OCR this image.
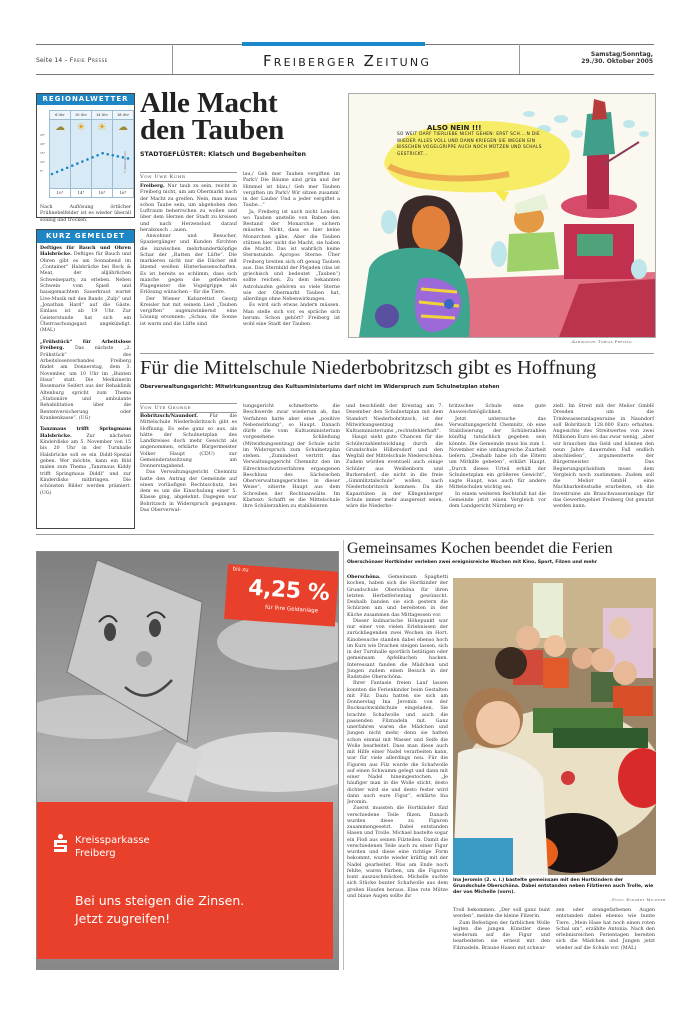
Seite 14 – Freie Presse	Freiberger Zeitung	Samstag/Sonntag,
29./30. Oktober 2005
REGIONALWETTER
25°
20°
15°
10°
5°
6 Uhr
☁
10°
10 Uhr
☀
14°
14 Uhr
☀
18°
18 Uhr
☁
16°
© wetterwelt.com
Nach Auflösung örtlicher Frühnebelfelder ist es wieder überall sonnig und trocken.
KURZ GEMELDET

Deftiges für Bauch und Ohren Halsbrücke. Deftiges für Bauch und Ohren gibt es am Sonnabend im „Container“ Halsbrücke bei Rock & Meat, der alljährlichen Schweineparty, zu erleben. Neben Schwein vom Spieß und hausgemachtem Sauerkraut wartet Live-Musik mit den Bands „Zulp“ und „Jonathan Hard“ auf die Gäste. Einlass ist ab 19 Uhr. Zur Geisterstunde hat sich ein Überraschungsgast angekündigt. (MAL)

„Frühstück“ für Arbeitslose Freiberg. Das nächste „2. Frühstück“ des Arbeitslosenverbandes Freiberg findet am Donnerstag, dem 3. November, um 10 Uhr im „Bunten Haus“ statt. Die Medizinerin Rosemarie Seifert aus der Rehaklinik Altenburg spricht zum Thema „Stationäre und ambulante Rehabilitation über die Rentenversicherung oder Krankenkasse“. (UG)

Tanzmaus trifft Springmaus Halsbrücke.	Zur nächsten Kinderdisko am 5. November von 15 bis 20 Uhr in der Turnhalle Halsbrücke soll es ein Diddl-Spezial geben. Wer möchte, kann ein Bild malen zum Thema „Tanzmaus Kiddy trifft Springmaus Diddl“ und zur Kinderdisko mitbringen. Die schönsten Bilder werden prämiert. (UG)

Alle Macht
den Tauben
STADTGEFLÜSTER: Klatsch und Begebenheiten
Von Uwe Kuhr

Freiberg. Nur taub zu sein, reicht in Freiberg nicht, um am Obermarkt nach der Macht zu greifen. Nein, man muss schon Taube sein, um abgehoben den Luftraum beherrschen zu wollen und über dem Herzen der Stadt zu kreisen und nach Herzenslust darauf herabzusch ...auen.

Anwohner und Besucher, Spaziergänger und Kunden fürchten die inzwischen mehrhundertköpfige Schar der „Ratten der Lüfte“. Die markieren nicht nur die Dächer mit ätzend weißen Hinterlassenschaften. Es ist bereits so schlimm, dass sich manche gegen die gefiederten Plagegeister die Vogelgrippe als Erlösung wünschen – für die Tiere.

Der Wiener Kabarettist Georg Kreisler hat mit seinem Lied „Tauben vergiften“ augenzwinkernd eine Lösung ersonnen: „Schau, die Sonne ist warm und die Lüfte sind

lau,/ Geh mer Tauben vergiften im Park!/ Die Bäume sind grün und der Himmel ist blau,/ Geh mer Tauben vergiften im Park!/ Wir sitzen zusamm' in der Laube/ Und a jeder vergiftet a Taube...“

Ja, Freiberg ist auch nicht London, wo Tauben anstelle von Raben den Bestand der Monarchie sichern müssten. Nicht, dass es hier keine Monarchen gäbe. Aber die Tauben stützen hier nicht die Macht, sie haben die Macht. Das ist wahrlich keine Sternstunde. Apropos Sterne: Über Freiberg breiten sich oft genug Tauben aus. Das Sternbild der Plejaden (das ist griechisch und bedeutet „Tauben“) sollte reichen. Zu dem bekannten Astrohaufen gehören so viele Sterne wie der Obermarkt Tauben hat, allerdings ohne Nebenwirkungen.

Es wird sich etwas ändern müssen. Man stelle sich vor, es spräche sich herum: Schon gehört? Freiberg ist wohl eine Stadt der Tauben.

ALSO NEIN !!!
SO WEIT DARF TIERLIEBE NICHT GEHEN: ERST SCH....N DIE WIEDER ALLES VOLL UND DANN KRIEGEN SIE WEGEN EIN BISSCHEN VOGELGRIPPE AUCH NOCH MÜTZEN UND SCHALS GESTRICKT...
–Karikatur: Tobias Freitag
Für die Mittelschule Niederbobritzsch gibt es Hoffnung
Oberverwaltungsgericht: Mitwirkungsentzug des Kultusministeriums darf nicht im Widerspruch zum Schulnetzplan stehen
Von Ute George

Bobritzsch/Naundorf. Für die Mittelschule Niederbobritzsch gibt es Hoffnung. Es sehe ganz so aus, als hätte der Schulnetzplan des Landkreises doch mehr Gewicht als angenommen, erklärte Bürgermeister Volker Haupt (CDU) zur Gemeinderatssitzung am Donnerstagabend.

Das Verwaltungsgericht Chemnitz hatte den Antrag der Gemeinde auf einen vorläufigen Rechtsschutz, bei dem es um die Einschulung einer 5. Klasse ging, abgelehnt. Dagegen war Bobritzsch in Widerspruch gegangen. Das Oberverwal-

tungsgericht schmetterte die Beschwerde zwar wiederum ab, das Verfahren hatte aber eine „positive Nebenwirkung“, so Haupt. Danach dürfe die vom Kultusministerium vorgesehene Schließung (Mitwirkungsentzug) der Schule nicht im Widerspruch zum Schulnetzplan stehen. „Zumindest vertritt das Verwaltungsgericht Chemnitz den im Eilrechtsschutzverfahren ergangenen Beschluss des Sächsischen Oberverwaltungsgerichtes in dieser Weise“, zitierte Haupt aus dem Schreiben der Rechtsanwälte. Im Klartext: Schafft es die Mittelschule ihre Schülerzahlen zu stabilisieren

und beschließt der Kreistag am 7. Dezember den Schulnetzplan mit dem Standort Niederbobritzsch, ist der Mitwirkungsentzug des Kultusministeriums „rechtsfehlerhaft“.

Haupt sieht gute Chancen für die Schülerzahlentwicklung durch die Grundschule Hilbersdorf und den Wegfall der Mittelschule Niederschöna. Zudem würden eventuell auch einige Schüler aus Weißenborn und Burkersdorf, die nicht in die freie „Gimmlitztalschule“ wollen, nach Niederbobritzsch kommen. Da die Kapazitäten in der Klingenberger Schule immer mehr ausgereizt seien, wäre die Niederbo-

britzscher Schule eine gute Ausweichmöglichkeit.

Jetzt untersuche das Verwaltungsgericht Chemnitz, ob eine Stabilisierung der Schülerzahlen künftig tatsächlich gegeben sein könnte. Die Gemeinde muss bis zum 1. November eine umfangreiche Zuarbeit liefern. „Deshalb habe ich die Eltern um Mithilfe gebeten“, erklärt Haupt. „Durch dieses Urteil erhält der Schulnetzplan ein größeres Gewicht“, sagte Haupt, was auch für andere Mittelschulen wichtig sei.

In einem weiteren Rechtsfall hat die Gemeinde jetzt einen Vergleich vor dem Landgericht Nürnberg er-

zielt. Im Streit mit der Melior GmbH Dresden um die Trinkwasseranlagenruine in Naundorf soll Bobritzsch 128.000 Euro erhalten. Angesichts des Streitwertes von zwei Millionen Euro sei das zwar wenig, „aber wir brauchen das Geld und können den neun Jahre dauernden Fall endlich abschließen“, argumentierte der Bürgermeister. Das Regierungspräsidium muss dem Vergleich noch zustimmen. Zudem soll die Melior GmbH eine Machbarkeitsstudie erarbeiten, ob die Investruine als Brauchwasseranlage für das Gewerbegebiet Freiberg Ost genutzt werden kann.

bis zu
4,25 %
für Ihre Geldanlage
Kreissparkasse
Freiberg
Bei uns steigen die Zinsen.
Jetzt zugreifen!
Gemeinsames Kochen beendet die Ferien
Oberschönaer Hortkinder verleben zwei ereignisreiche Wochen mit Kino, Sport, Filzen und mehr

Oberschöna. Gemeinsam Spaghetti kochen, haben sich die Hortkinder der Grundschule Oberschöna für ihren letzten Herbstferientag gewünscht. Deshalb banden sie sich gestern die Schürzen um und bereiteten in der Küche zusammen das Mittagessen vor.

Dieser kulinarische Höhepunkt war nur einer von vielen Erlebnissen der zurückliegenden zwei Wochen im Hort. Kinobesuche standen dabei ebenso hoch im Kurs wie Drachen steigen lassen, sich in der Turnhalle sportlich betätigen oder gemeinsam Apfelkuchen backen. Interessant fanden die Mädchen und Jungen zudem einen Besuch in der Radstube Oberschöna.

Ihrer Fantasie freien Lauf lassen konnten die Ferienkinder beim Gestalten mit Filz. Dazu hatten sie sich am Donnerstag Ina Jeromin von der Rucksackwaldschule eingeladen. Sie brachte Schafwolle und auch die passenden Filznadeln mit. Ganz unerfahren waren die Mädchen und Jungen nicht mehr, denn sie hatten schon einmal mit Wasser und Seife die Wolle bearbeitet. Dass man diese auch mit Hilfe einer Nadel verarbeiten kann, war für viele allerdings neu. Für die Figuren aus Filz wurde die Schafwolle auf einen Schwamm gelegt und dann mit einer Nadel hineingestochen. „Je häufiger man in die Wolle sticht, desto dichter wird sie und desto fester wird dann auch eure Figur“, erklärte Ina Jeromin.

Zuerst mussten die Hortkinder fünf verschiedene Teile filzen. Danach wurden diese zu Figuren zusammengesetzt. Dabei entstanden Hasen und Trolle. Michael bastelte sogar ein Floß aus seinen Filzteilen. Damit die verschiedenen Teile auch zu einer Figur wurden und diese eine richtige Form bekommt, wurde wieder kräftig mit der Nadel gearbeitet. Was am Ende noch fehlte, waren Farben, um die Figuren bunt auszuschmücken. Michelle suchte sich Stücke bunter Schafwolle aus dem großen Haufen heraus. Eine rote Mütze und blaue Augen sollte ihr

Ina Jeromin (2. v. l.) bastelte gemeinsam mit den Hortkindern der Grundschule Oberschöna. Dabei entstanden neben Filztieren auch Trolle, wie der von Michelle (vorn).
–Foto: Eckardt Mildner

Troll bekommen. „Der soll ganz bunt werden“, meinte die kleine Filzerin.

Zum Befestigen der farblichen Wolle legten die jungen Künstler diese wiederum auf die Figur und bearbeiteten sie erneut mit den Filznadeln. Braune Hasen mit schwar-

zen oder orangefarbenen Augen entstanden dabei ebenso wie bunte Tiere. „Mein Hase hat noch einen roten Schal um“, erzählte Antonia. Nach den erlebnisreichen Ferientagen bereiten sich die Mädchen und Jungen jetzt wieder auf die Schule vor. (MAL)
